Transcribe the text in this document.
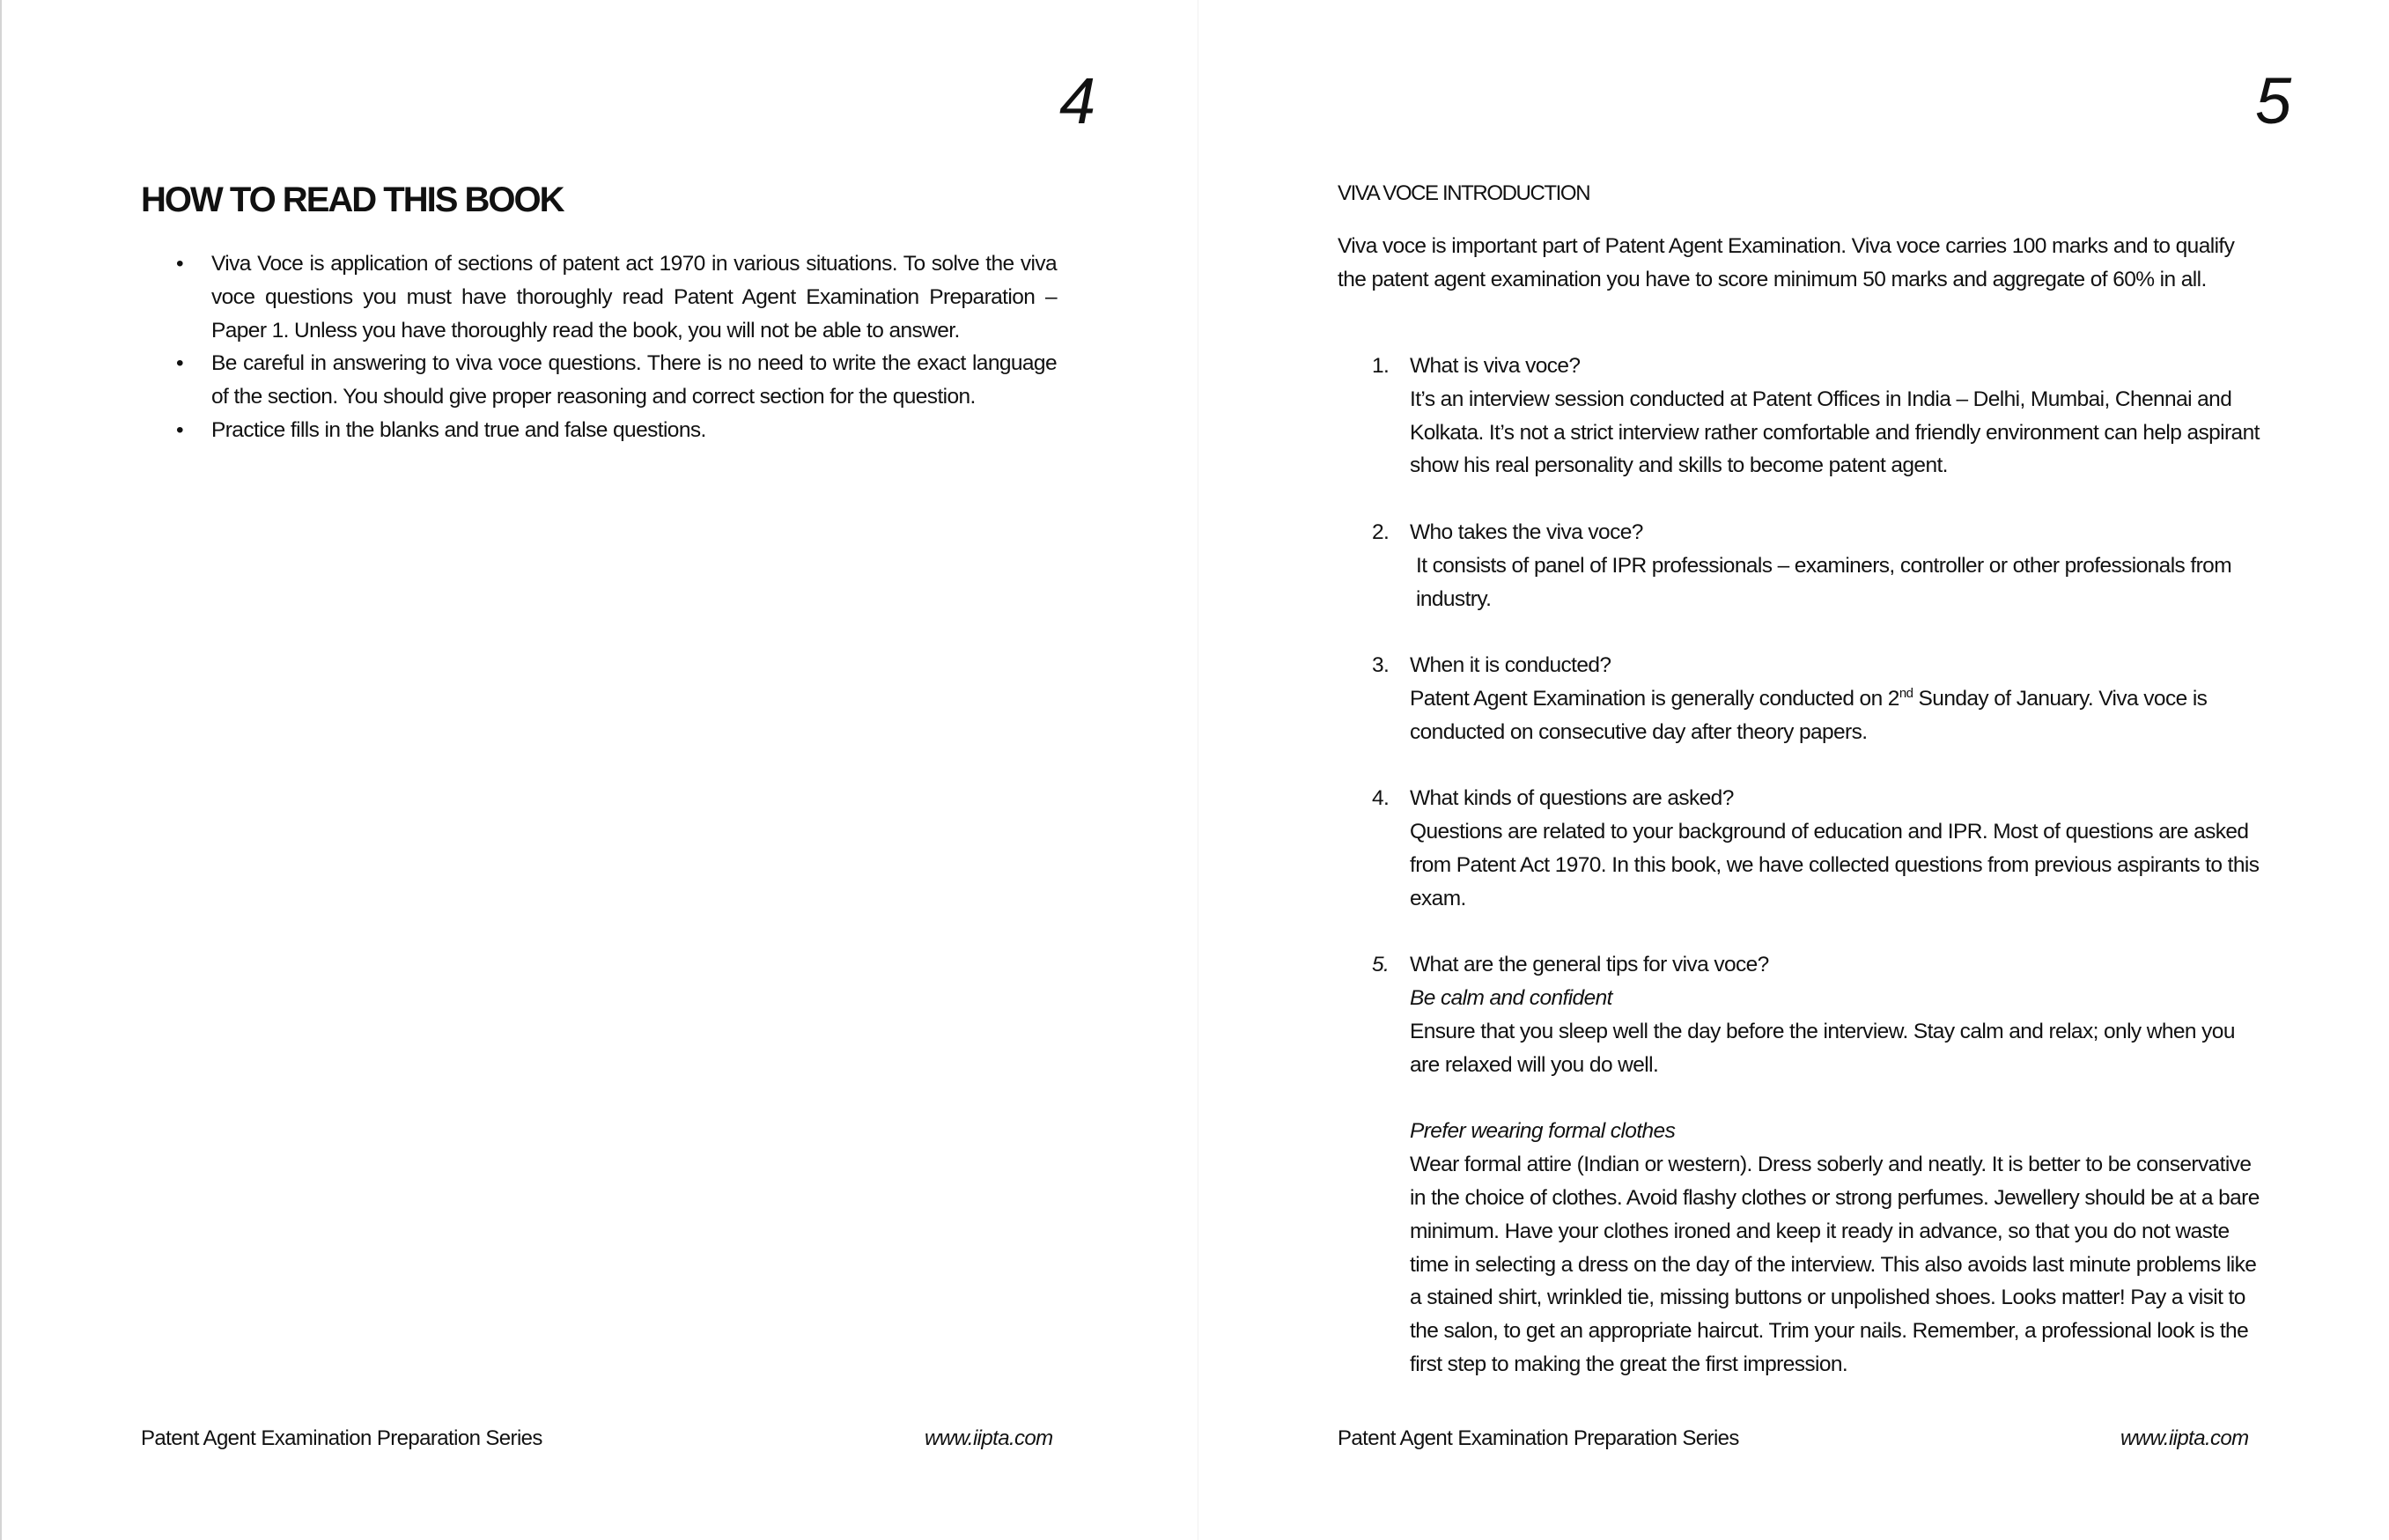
4
HOW TO READ THIS BOOK
• Viva Voce is application of sections of patent act 1970 in various situations. To solve the viva voce questions you must have thoroughly read Patent Agent Examination Preparation – Paper 1. Unless you have thoroughly read the book, you will not be able to answer.
• Be careful in answering to viva voce questions. There is no need to write the exact language of the section. You should give proper reasoning and correct section for the question.
• Practice fills in the blanks and true and false questions.
Patent Agent Examination Preparation Series	www.iipta.com
5
VIVA VOCE INTRODUCTION

Viva voce is important part of Patent Agent Examination. Viva voce carries 100 marks and to qualify the patent agent examination you have to score minimum 50 marks and aggregate of 60% in all.

1. What is viva voce?

It’s an interview session conducted at Patent Offices in India – Delhi, Mumbai, Chennai and Kolkata. It’s not a strict interview rather comfortable and friendly environment can help aspirant show his real personality and skills to become patent agent.

2. Who takes the viva voce?

It consists of panel of IPR professionals – examiners, controller or other professionals from industry.

3. When it is conducted?

Patent Agent Examination is generally conducted on 2nd Sunday of January. Viva voce is conducted on consecutive day after theory papers.

4. What kinds of questions are asked?

Questions are related to your background of education and IPR. Most of questions are asked from Patent Act 1970. In this book, we have collected questions from previous aspirants to this exam.

5. What are the general tips for viva voce?

Be calm and confident

Ensure that you sleep well the day before the interview. Stay calm and relax; only when you are relaxed will you do well.

Prefer wearing formal clothes

Wear formal attire (Indian or western). Dress soberly and neatly. It is better to be conservative in the choice of clothes. Avoid flashy clothes or strong perfumes. Jewellery should be at a bare minimum. Have your clothes ironed and keep it ready in advance, so that you do not waste time in selecting a dress on the day of the interview. This also avoids last minute problems like a stained shirt, wrinkled tie, missing buttons or unpolished shoes. Looks matter! Pay a visit to the salon, to get an appropriate haircut. Trim your nails. Remember, a professional look is the first step to making the great the first impression.

Patent Agent Examination Preparation Series	www.iipta.com
